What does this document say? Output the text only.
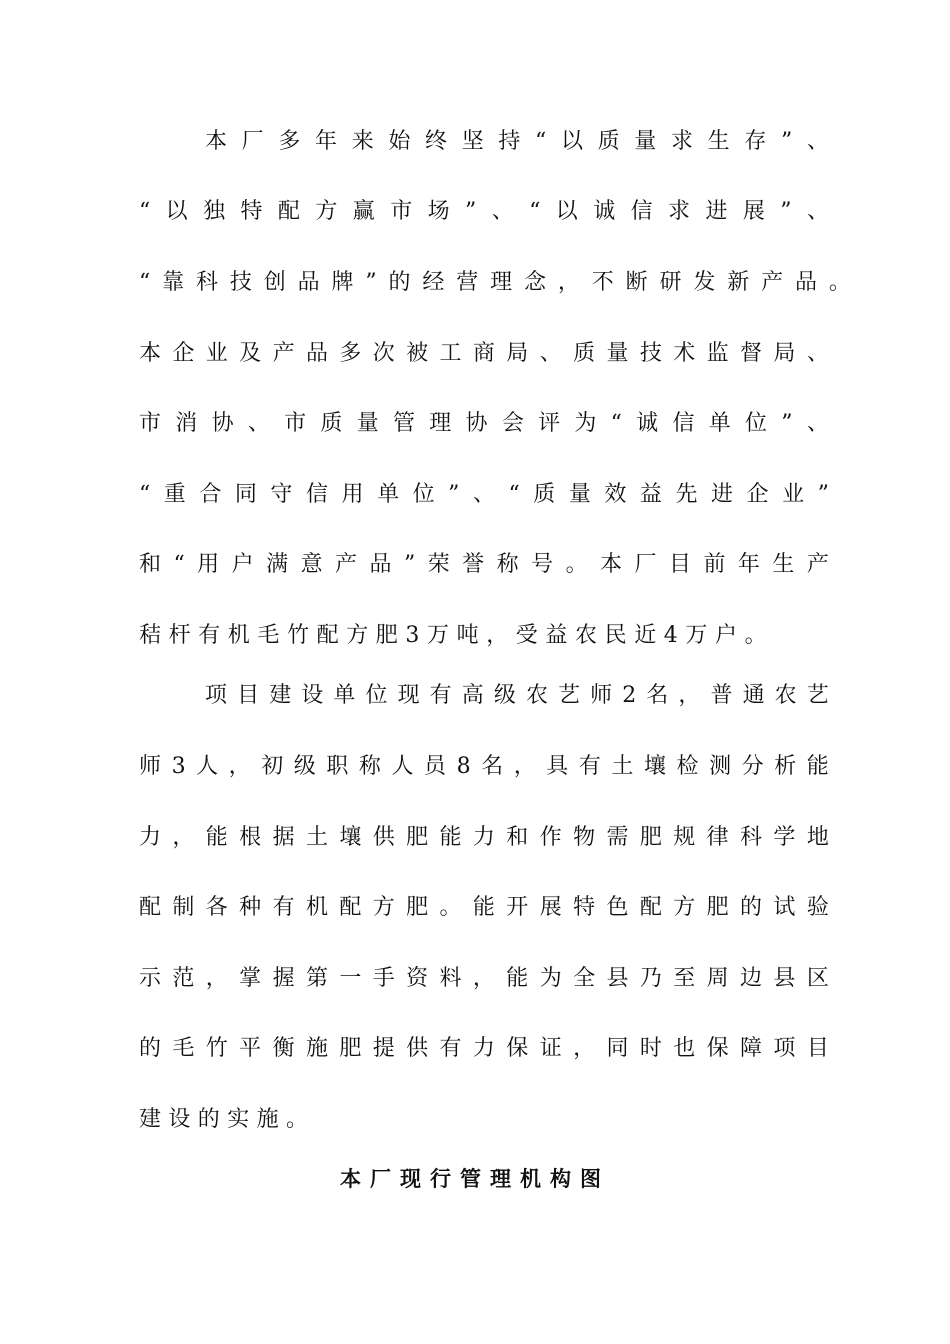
本 厂 多 年 来 始 终 坚 持 “ 以 质 量 求 生 存 ” 、
“ 以 独 特 配 方 赢 市 场 ” 、 “ 以 诚 信 求 进 展 ” 、
“ 靠 科 技 创 品 牌 ” 的 经 营 理 念 ， 不 断 研 发 新 产 品 。
本 企 业 及 产 品 多 次 被 工 商 局 、 质 量 技 术 监 督 局 、
市 消 协 、 市 质 量 管 理 协 会 评 为 “ 诚 信 单 位 ” 、
“ 重 合 同 守 信 用 单 位 ” 、 “ 质 量 效 益 先 进 企 业 ”
和 “ 用 户 满 意 产 品 ” 荣 誉 称 号 。 本 厂 目 前 年 生 产
秸杆有机毛竹配方肥3万吨，受益农民近4万户。
项 目 建 设 单 位 现 有 高 级 农 艺 师 2 名 ， 普 通 农 艺
师 3 人 ， 初 级 职 称 人 员 8 名 ， 具 有 土 壤 检 测 分 析 能
力 ， 能 根 据 土 壤 供 肥 能 力 和 作 物 需 肥 规 律 科 学 地
配 制 各 种 有 机 配 方 肥 。 能 开 展 特 色 配 方 肥 的 试 验
示 范 ， 掌 握 第 一 手 资 料 ， 能 为 全 县 乃 至 周 边 县 区
的 毛 竹 平 衡 施 肥 提 供 有 力 保 证 ， 同 时 也 保 障 项 目
建设的实施。
本厂现行管理机构图
